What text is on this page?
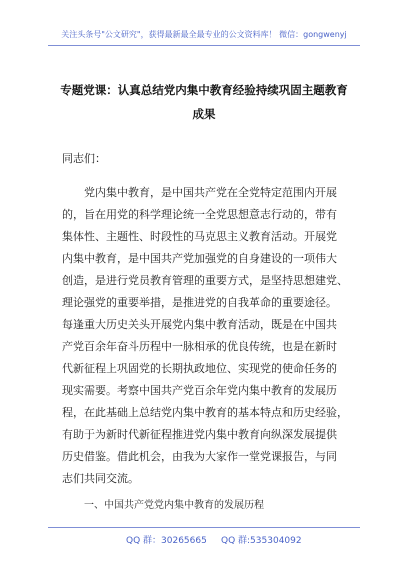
关注头条号"公文研究"，获得最新最全最专业的公文资料库！ 微信：gongwenyj
专题党课：认真总结党内集中教育经验持续巩固主题教育
成果
同志们：
党内集中教育，是中国共产党在全党特定范围内开展
的，旨在用党的科学理论统一全党思想意志行动的，带有
集体性、主题性、时段性的马克思主义教育活动。开展党
内集中教育，是中国共产党加强党的自身建设的一项伟大
创造，是进行党员教育管理的重要方式，是坚持思想建党、
理论强党的重要举措，是推进党的自我革命的重要途径。
每逢重大历史关头开展党内集中教育活动，既是在中国共
产党百余年奋斗历程中一脉相承的优良传统，也是在新时
代新征程上巩固党的长期执政地位、实现党的使命任务的
现实需要。考察中国共产党百余年党内集中教育的发展历
程，在此基础上总结党内集中教育的基本特点和历史经验，
有助于为新时代新征程推进党内集中教育向纵深发展提供
历史借鉴。借此机会，由我为大家作一堂党课报告，与同
志们共同交流。
QQ 群：30265665 QQ 群:535304092
一、中国共产党党内集中教育的发展历程
